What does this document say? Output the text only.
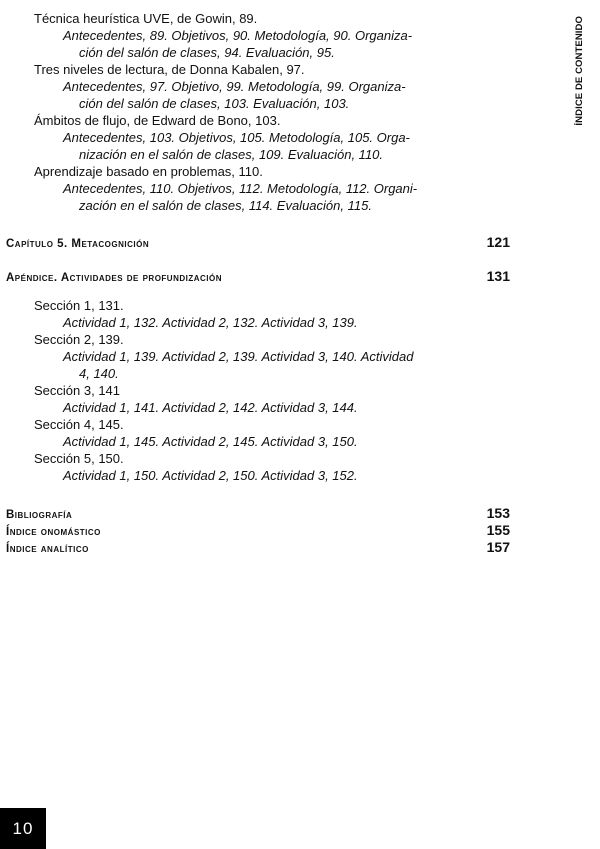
ÍNDICE DE CONTENIDO
Técnica heurística UVE, de Gowin, 89.
Antecedentes, 89. Objetivos, 90. Metodología, 90. Organiza-
ción del salón de clases, 94. Evaluación, 95.
Tres niveles de lectura, de Donna Kabalen, 97.
Antecedentes, 97. Objetivo, 99. Metodología, 99. Organiza-
ción del salón de clases, 103. Evaluación, 103.
Ámbitos de flujo, de Edward de Bono, 103.
Antecedentes, 103. Objetivos, 105. Metodología, 105. Orga-
nización en el salón de clases, 109. Evaluación, 110.
Aprendizaje basado en problemas, 110.
Antecedentes, 110. Objetivos, 112. Metodología, 112. Organi-
zación en el salón de clases, 114. Evaluación, 115.
Capítulo 5. Metacognición	121
Apéndice. Actividades de profundización	131
Sección 1, 131.
Actividad 1, 132. Actividad 2, 132. Actividad 3, 139.
Sección 2, 139.
Actividad 1, 139. Actividad 2, 139. Actividad 3, 140. Actividad
4, 140.
Sección 3, 141
Actividad 1, 141. Actividad 2, 142. Actividad 3, 144.
Sección 4, 145.
Actividad 1, 145. Actividad 2, 145. Actividad 3, 150.
Sección 5, 150.
Actividad 1, 150. Actividad 2, 150. Actividad 3, 152.
Bibliografía	153
Índice onomástico	155
Índice analítico	157
10
